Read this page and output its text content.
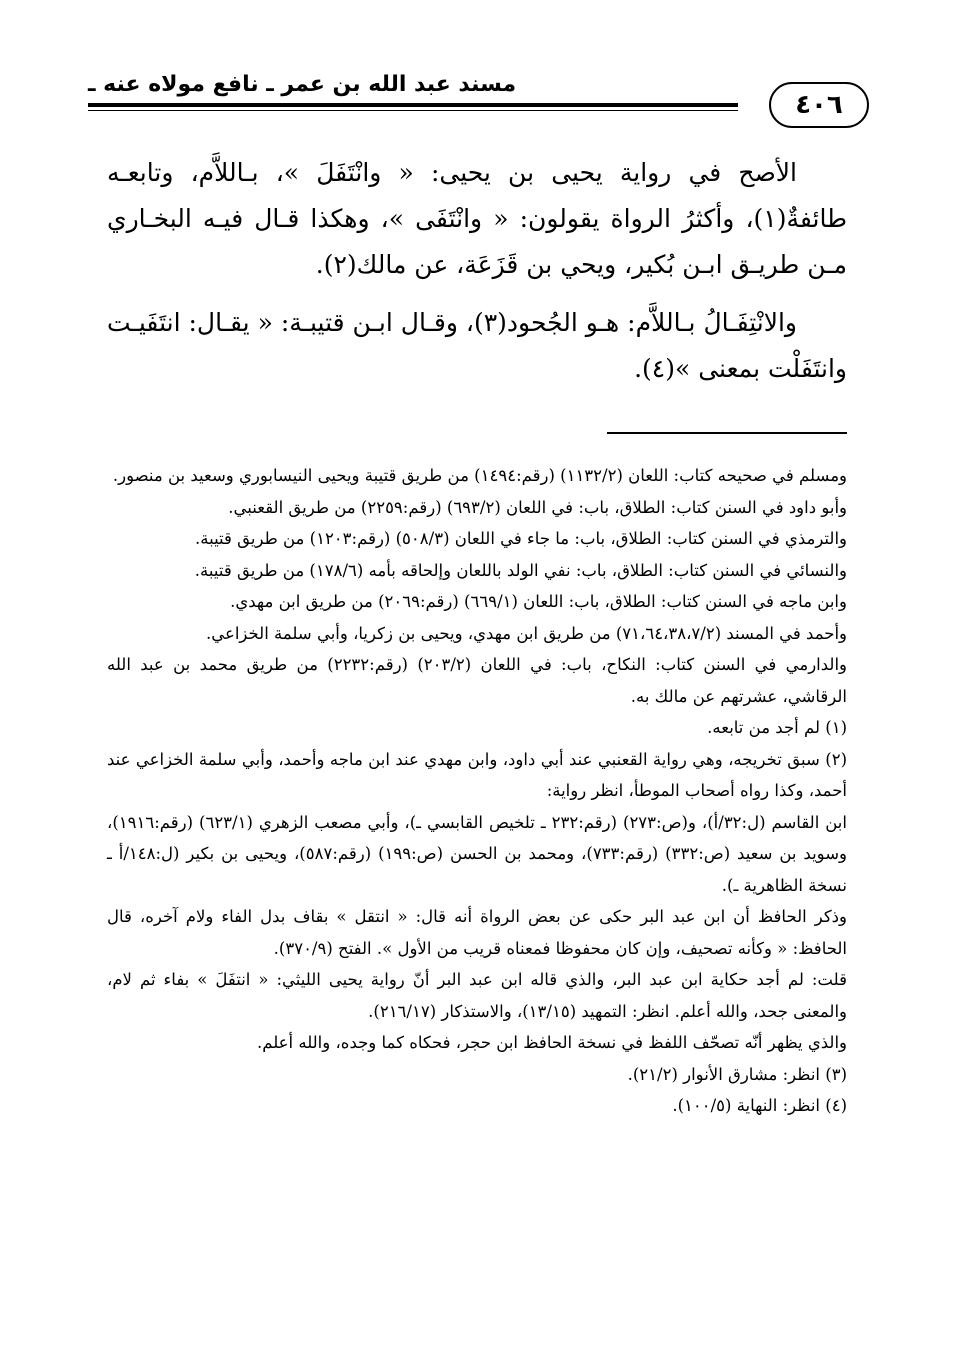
مسند عبد الله بن عمر ـ نافع مولاه عنه ـ
٤٠٦

الأصح في رواية يحيى بن يحيى: « وانْتَفَلَ »، بـاللاَّم، وتابعـه طائفةٌ(١)، وأكثرُ الرواة يقولون: « وانْتَفَى »، وهكذا قـال فيـه البخـاري مـن طريـق ابـن بُكير، ويحي بن قَزَعَة، عن مالك(٢).

والانْتِفَـالُ بـاللاَّم: هـو الجُحود(٣)، وقـال ابـن قتيبـة: « يقـال: انتَفَيـت وانتَفَلْت بمعنى »(٤).

ومسلم في صحيحه كتاب: اللعان (١١٣٢/٢) (رقم:١٤٩٤) من طريق قتيبة ويحيى النيسابوري وسعيد بن منصور.

وأبو داود في السنن كتاب: الطلاق، باب: في اللعان (٦٩٣/٢) (رقم:٢٢٥٩) من طريق القعنبي.

والترمذي في السنن كتاب: الطلاق، باب: ما جاء في اللعان (٥٠٨/٣) (رقم:١٢٠٣) من طريق قتيبة.

والنسائي في السنن كتاب: الطلاق، باب: نفي الولد باللعان وإلحاقه بأمه (١٧٨/٦) من طريق قتيبة.

وابن ماجه في السنن كتاب: الطلاق، باب: اللعان (٦٦٩/١) (رقم:٢٠٦٩) من طريق ابن مهدي.

وأحمد في المسند (٧١،٦٤،٣٨،٧/٢) من طريق ابن مهدي، ويحيى بن زكريا، وأبي سلمة الخزاعي.

والدارمي في السنن كتاب: النكاح، باب: في اللعان (٢٠٣/٢) (رقم:٢٢٣٢) من طريق محمد بن عبد الله الرقاشي، عشرتهم عن مالك به.

(١) لم أجد من تابعه.

(٢) سبق تخريجه، وهي رواية القعنبي عند أبي داود، وابن مهدي عند ابن ماجه وأحمد، وأبي سلمة الخزاعي عند أحمد، وكذا رواه أصحاب الموطأ، انظر رواية:

ابن القاسم (ل:٣٢/أ)، و(ص:٢٧٣) (رقم:٢٣٢ ـ تلخيص القابسي ـ)، وأبي مصعب الزهري (٦٢٣/١) (رقم:١٩١٦)، وسويد بن سعيد (ص:٣٣٢) (رقم:٧٣٣)، ومحمد بن الحسن (ص:١٩٩) (رقم:٥٨٧)، ويحيى بن بكير (ل:١٤٨/أ ـ نسخة الظاهرية ـ).

وذكر الحافظ أن ابن عبد البر حكى عن بعض الرواة أنه قال: « انتقل » بقاف بدل الفاء ولام آخره، قال الحافظ: « وكأنه تصحيف، وإن كان محفوظا فمعناه قريب من الأول ». الفتح (٣٧٠/٩).

قلت: لم أجد حكاية ابن عبد البر، والذي قاله ابن عبد البر أنّ رواية يحيى الليثي: « انتفَلَ » بفاء ثم لام، والمعنى جحد، والله أعلم. انظر: التمهيد (١٣/١٥)، والاستذكار (٢١٦/١٧).

والذي يظهر أنّه تصحّف اللفظ في نسخة الحافظ ابن حجر، فحكاه كما وجده، والله أعلم.

(٣) انظر: مشارق الأنوار (٢١/٢).

(٤) انظر: النهاية (١٠٠/٥).
